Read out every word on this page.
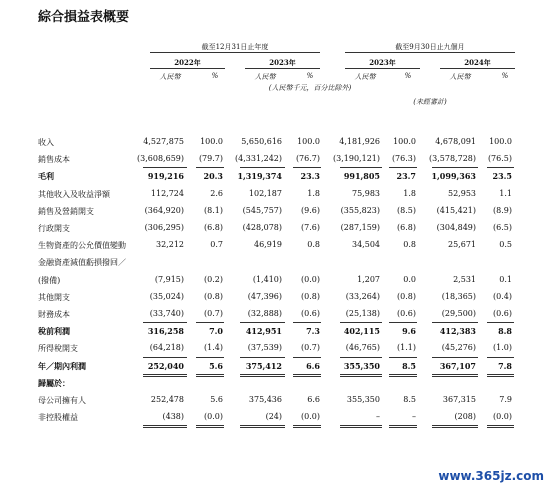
綜合損益表概要
截至12月31日止年度	截至9月30日止九個月
2022年	2023年	2023年	2024年
人民幣	%	人民幣	%	人民幣	%	人民幣	%
(人民幣千元，百分比除外)
(未經審計)
收入	4,527,875 100.0 5,650,616 100.0 4,181,926 100.0 4,678,091 100.0
銷售成本	(3,608,659) (79.7) (4,331,242) (76.7) (3,190,121) (76.3) (3,578,728) (76.5)
毛利	919,216 20.3 1,319,374 23.3	991,805 23.7 1,099,363 23.5
其他收入及收益淨額	112,724	2.6	102,187	1.8	75,983	1.8	52,953	1.1
銷售及營銷開支	(364,920)	(8.1) (545,757) (9.6)	(355,823) (8.5)	(415,421) (8.9)
行政開支	(306,295)	(6.8) (428,078) (7.6)	(287,159) (6.8)	(304,849) (6.5)
生物資產的公允價值變動	32,212	0.7	46,919	0.8	34,504	0.8	25,671	0.5
金融資產減值虧損撥回／
(撥備)	(7,915)	(0.2)	(1,410) (0.0)	1,207	0.0	2,531	0.1
其他開支	(35,024)	(0.8)	(47,396) (0.8)	(33,264) (0.8)	(18,365) (0.4)
財務成本	(33,740)	(0.7)	(32,888) (0.6)	(25,138) (0.6)	(29,500) (0.6)
稅前利潤	316,258	7.0	412,951	7.3	402,115	9.6	412,383	8.8
所得稅開支	(64,218)	(1.4)	(37,539) (0.7)	(46,765) (1.1)	(45,276) (1.0)
年／期內利潤	252,040	5.6	375,412	6.6	355,350	8.5	367,107	7.8
歸屬於：
母公司擁有人	252,478	5.6	375,436	6.6	355,350	8.5	367,315	7.9
非控股權益	(438)	(0.0)	(24) (0.0)	–	–	(208) (0.0)
www.365jz.com
